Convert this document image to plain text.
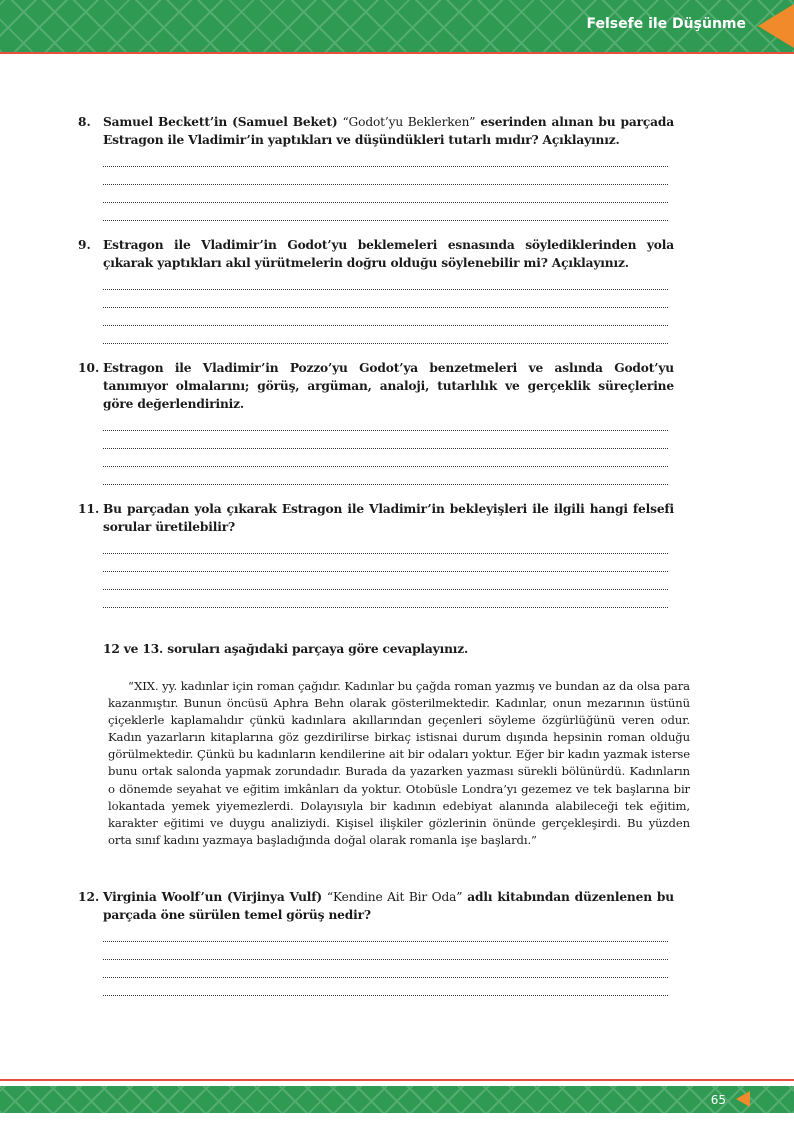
Felsefe ile Düşünme
8. Samuel Beckett’in (Samuel Beket) “Godot’yu Beklerken” eserinden alınan bu parçada Estragon ile Vladimir’in yaptıkları ve düşündükleri tutarlı mıdır? Açıklayınız.
9. Estragon ile Vladimir’in Godot’yu beklemeleri esnasında söylediklerinden yola çıkarak yaptıkları akıl yürütmelerin doğru olduğu söylenebilir mi? Açıklayınız.
10. Estragon ile Vladimir’in Pozzo’yu Godot’ya benzetmeleri ve aslında Godot’yu tanımıyor olmalarını; görüş, argüman, analoji, tutarlılık ve gerçeklik süreçlerine göre değerlendiriniz.
11. Bu parçadan yola çıkarak Estragon ile Vladimir’in bekleyişleri ile ilgili hangi felsefi sorular üretilebilir?
12 ve 13. soruları aşağıdaki parçaya göre cevaplayınız.
“XIX. yy. kadınlar için roman çağıdır. Kadınlar bu çağda roman yazmış ve bundan az da olsa para kazanmıştır. Bunun öncüsü Aphra Behn olarak gösterilmektedir. Kadınlar, onun mezarının üstünü çiçeklerle kaplamalıdır çünkü kadınlara akıllarından geçenleri söyleme özgürlüğünü veren odur. Kadın yazarların kitaplarına göz gezdirilirse birkaç istisnai durum dışında hepsinin roman olduğu görülmektedir. Çünkü bu kadınların kendilerine ait bir odaları yoktur. Eğer bir kadın yazmak isterse bunu ortak salonda yapmak zorundadır. Burada da yazarken yazması sürekli bölünürdü. Kadınların o dönemde seyahat ve eğitim imkânları da yoktur. Otobüsle Londra’yı gezemez ve tek başlarına bir lokantada yemek yiyemezlerdi. Dolayısıyla bir kadının edebiyat alanında alabileceği tek eğitim, karakter eğitimi ve duygu analiziydi. Kişisel ilişkiler gözlerinin önünde gerçekleşirdi. Bu yüzden orta sınıf kadını yazmaya başladığında doğal olarak romanla işe başlardı.”
12. Virginia Woolf’un (Virjinya Vulf) “Kendine Ait Bir Oda” adlı kitabından düzenlenen bu parçada öne sürülen temel görüş nedir?
65
